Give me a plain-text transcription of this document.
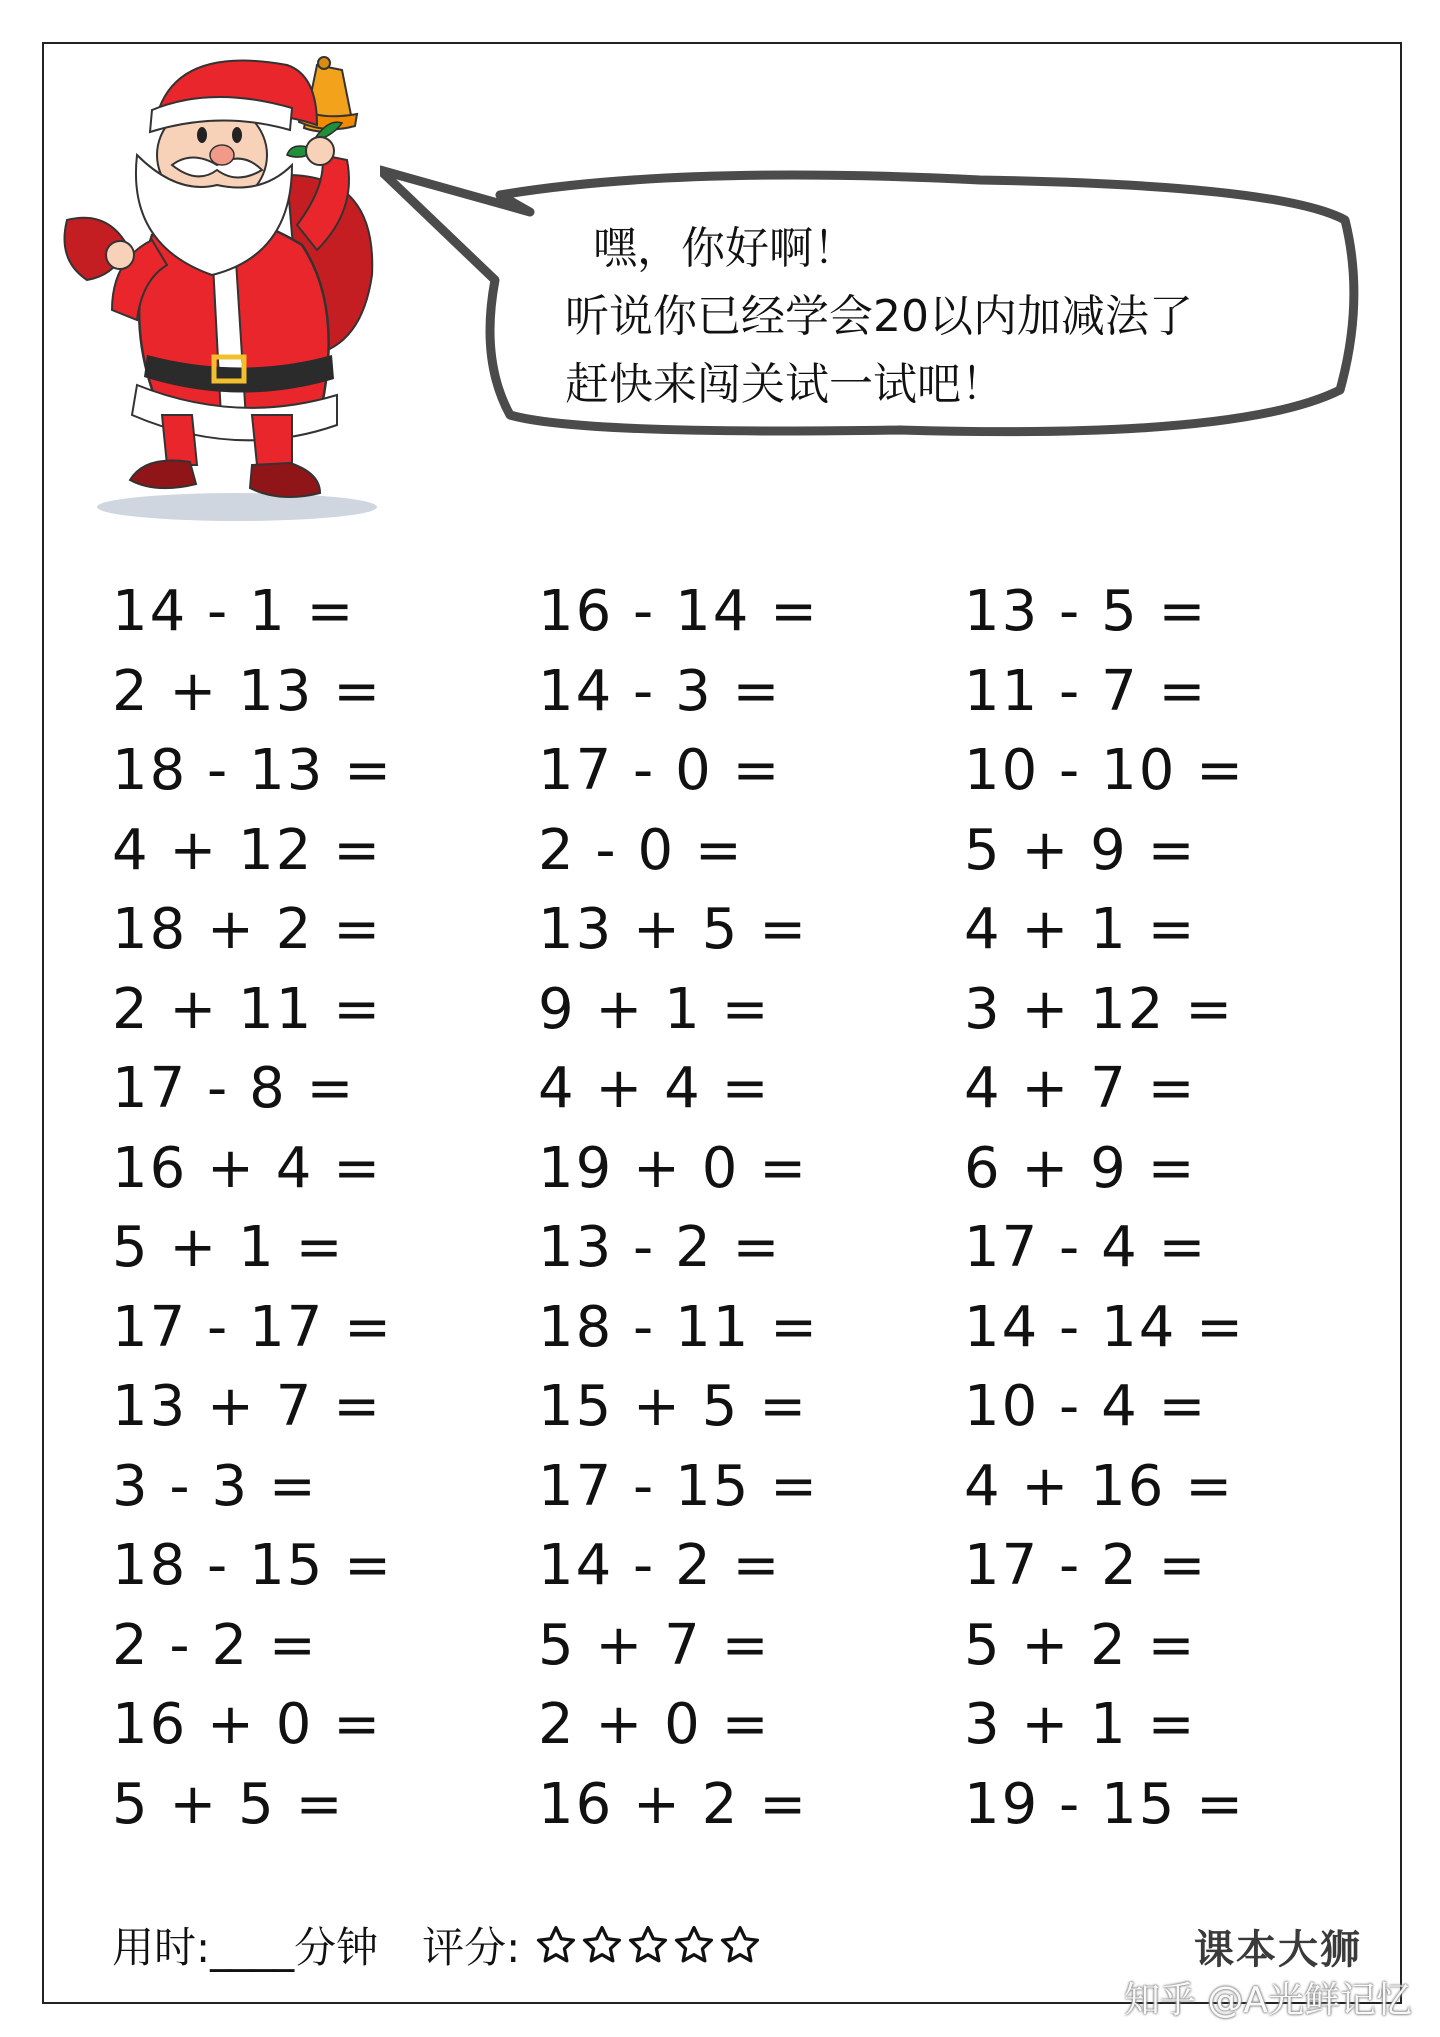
嘿，你好啊！
听说你已经学会20以内加减法了
赶快来闯关试一试吧！
14 - 1 =	16 - 14 =	13 - 5 =
2 + 13 =	14 - 3 =	11 - 7 =
18 - 13 =	17 - 0 =	10 - 10 =
4 + 12 =	2 - 0 =	5 + 9 =
18 + 2 =	13 + 5 =	4 + 1 =
2 + 11 =	9 + 1 =	3 + 12 =
17 - 8 =	4 + 4 =	4 + 7 =
16 + 4 =	19 + 0 =	6 + 9 =
5 + 1 =	13 - 2 =	17 - 4 =
17 - 17 =	18 - 11 =	14 - 14 =
13 + 7 =	15 + 5 =	10 - 4 =
3 - 3 =	17 - 15 =	4 + 16 =
18 - 15 =	14 - 2 =	17 - 2 =
2 - 2 =	5 + 7 =	5 + 2 =
16 + 0 =	2 + 0 =	3 + 1 =
5 + 5 =	16 + 2 =	19 - 15 =
用时:____分钟 评分:	课本大狮
知乎 @A光鲜记忆
